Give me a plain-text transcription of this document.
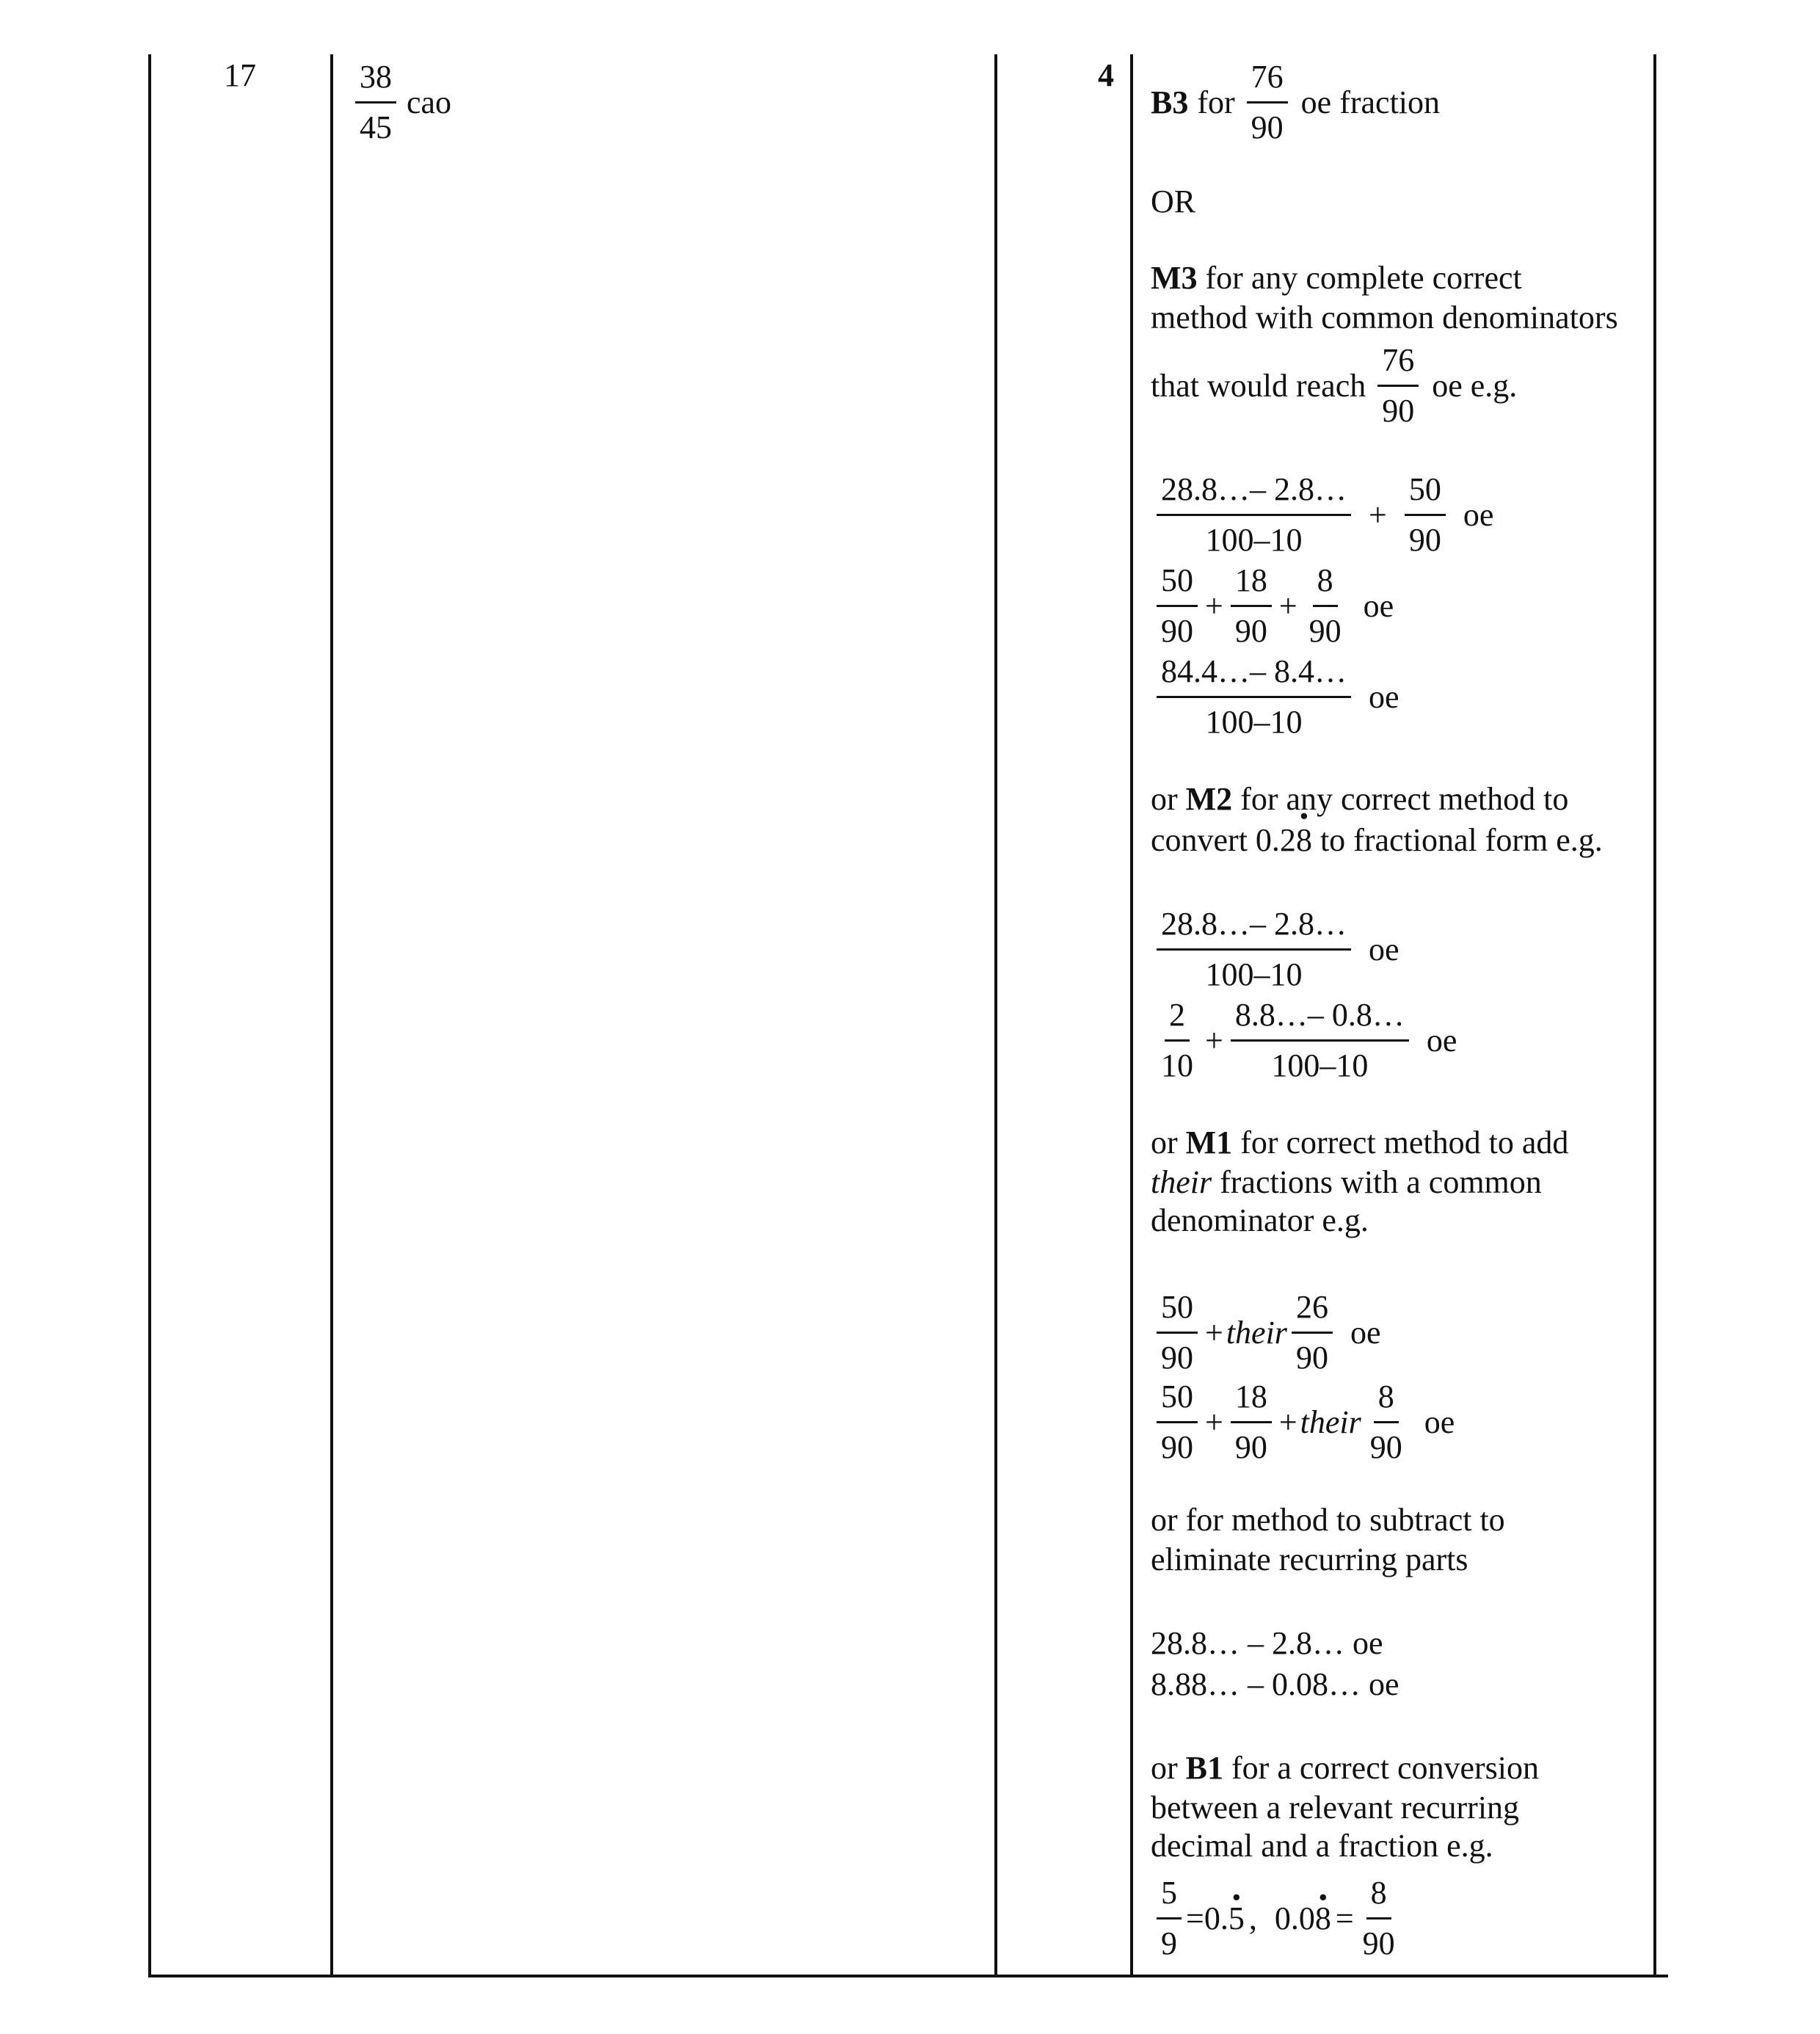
17	$\frac{38}{45}$ cao
4
B3 for $\frac{76}{90}$ oe fraction
OR
M3 for any complete correct
method with common denominators
that would reach $\frac{76}{90}$ oe e.g.
$\frac{28.8\dots- 2.8\dots}{100-10} + \frac{50}{90}$ oe
$\frac{50}{90} + \frac{18}{90} + \frac{8}{90}$ oe
$\frac{84.4\dots- 8.4\dots}{100-10}$ oe
or M2 for any correct method to
convert 0.2· 8 to fractional form e.g.
$\frac{28.8\dots- 2.8\dots}{100-10}$ oe
$\frac{2}{10} + \frac{8.8\dots- 0.8\dots}{100-10}$ oe
or M1 for correct method to add
their fractions with a common
denominator e.g.
$\frac{50}{90}$ + their $\frac{26}{90}$ oe
$\frac{50}{90} + \frac{18}{90}$ + their $\frac{8}{90}$ oe
or for method to subtract to
eliminate recurring parts
28.8… – 2.8… oe
8.88… – 0.08… oe
or B1 for a correct conversion
between a relevant recurring
decimal and a fraction e.g.
$\frac{5}{9} =0$.
· 5 , 0.0
· $8 = \frac{8}{90}$
